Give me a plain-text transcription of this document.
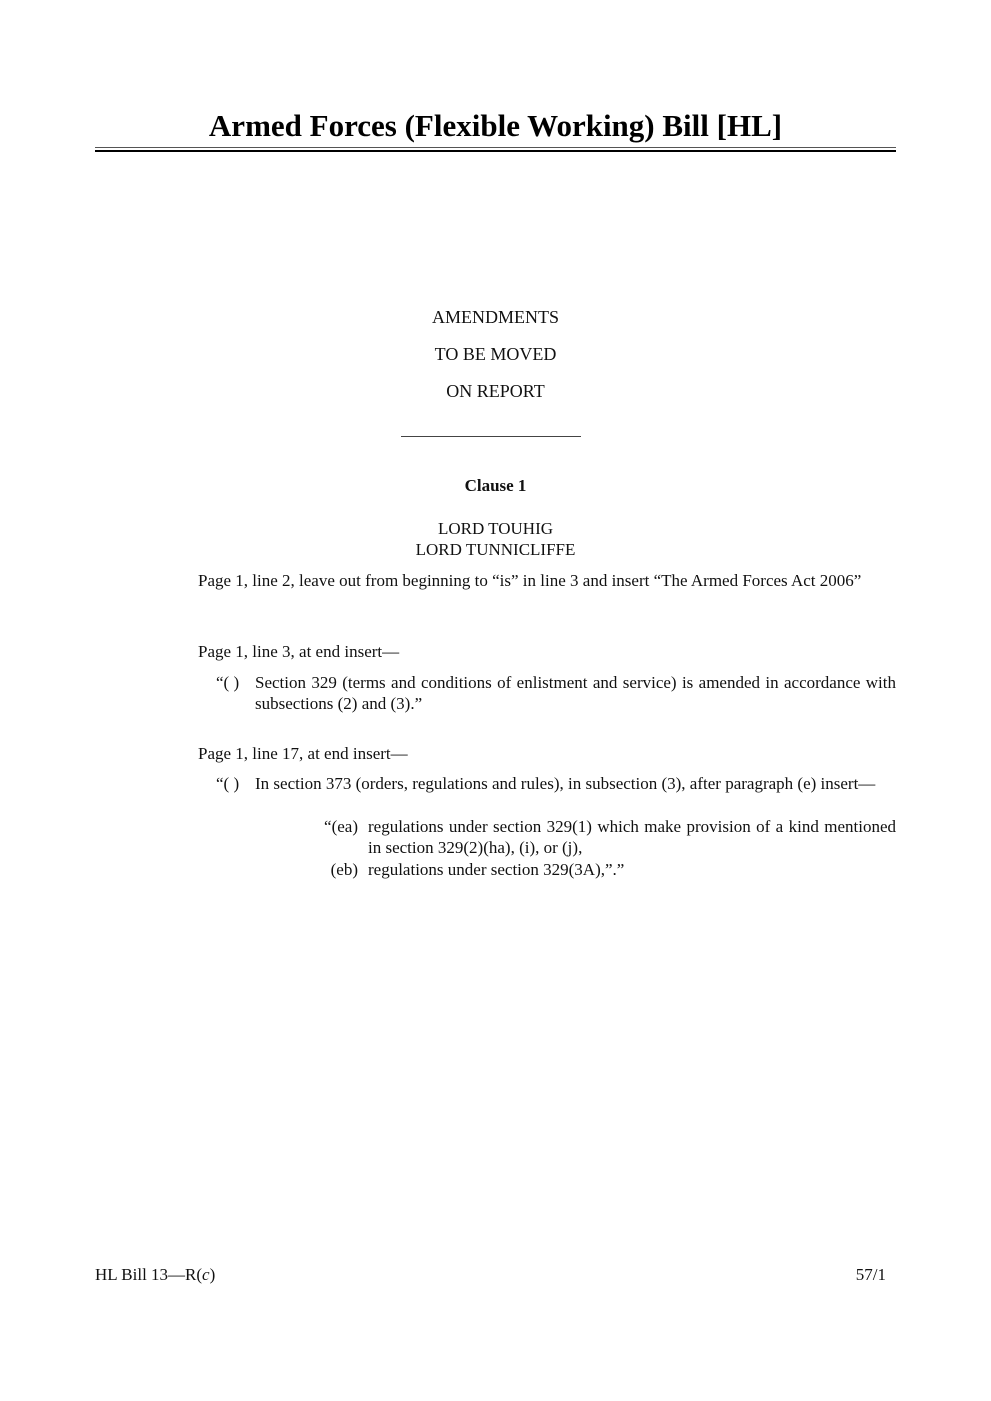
Armed Forces (Flexible Working) Bill [HL]
AMENDMENTS
TO BE MOVED
ON REPORT
Clause 1
LORD TOUHIG
LORD TUNNICLIFFE
Page 1, line 2, leave out from beginning to “is” in line 3 and insert “The Armed Forces Act 2006”
Page 1, line 3, at end insert—
“( ) Section 329 (terms and conditions of enlistment and service) is amended in accordance with subsections (2) and (3).”
Page 1, line 17, at end insert—
“( ) In section 373 (orders, regulations and rules), in subsection (3), after paragraph (e) insert—
“(ea) regulations under section 329(1) which make provision of a kind mentioned in section 329(2)(ha), (i), or (j),
(eb) regulations under section 329(3A),”.”
HL Bill 13—R(c)	57/1
